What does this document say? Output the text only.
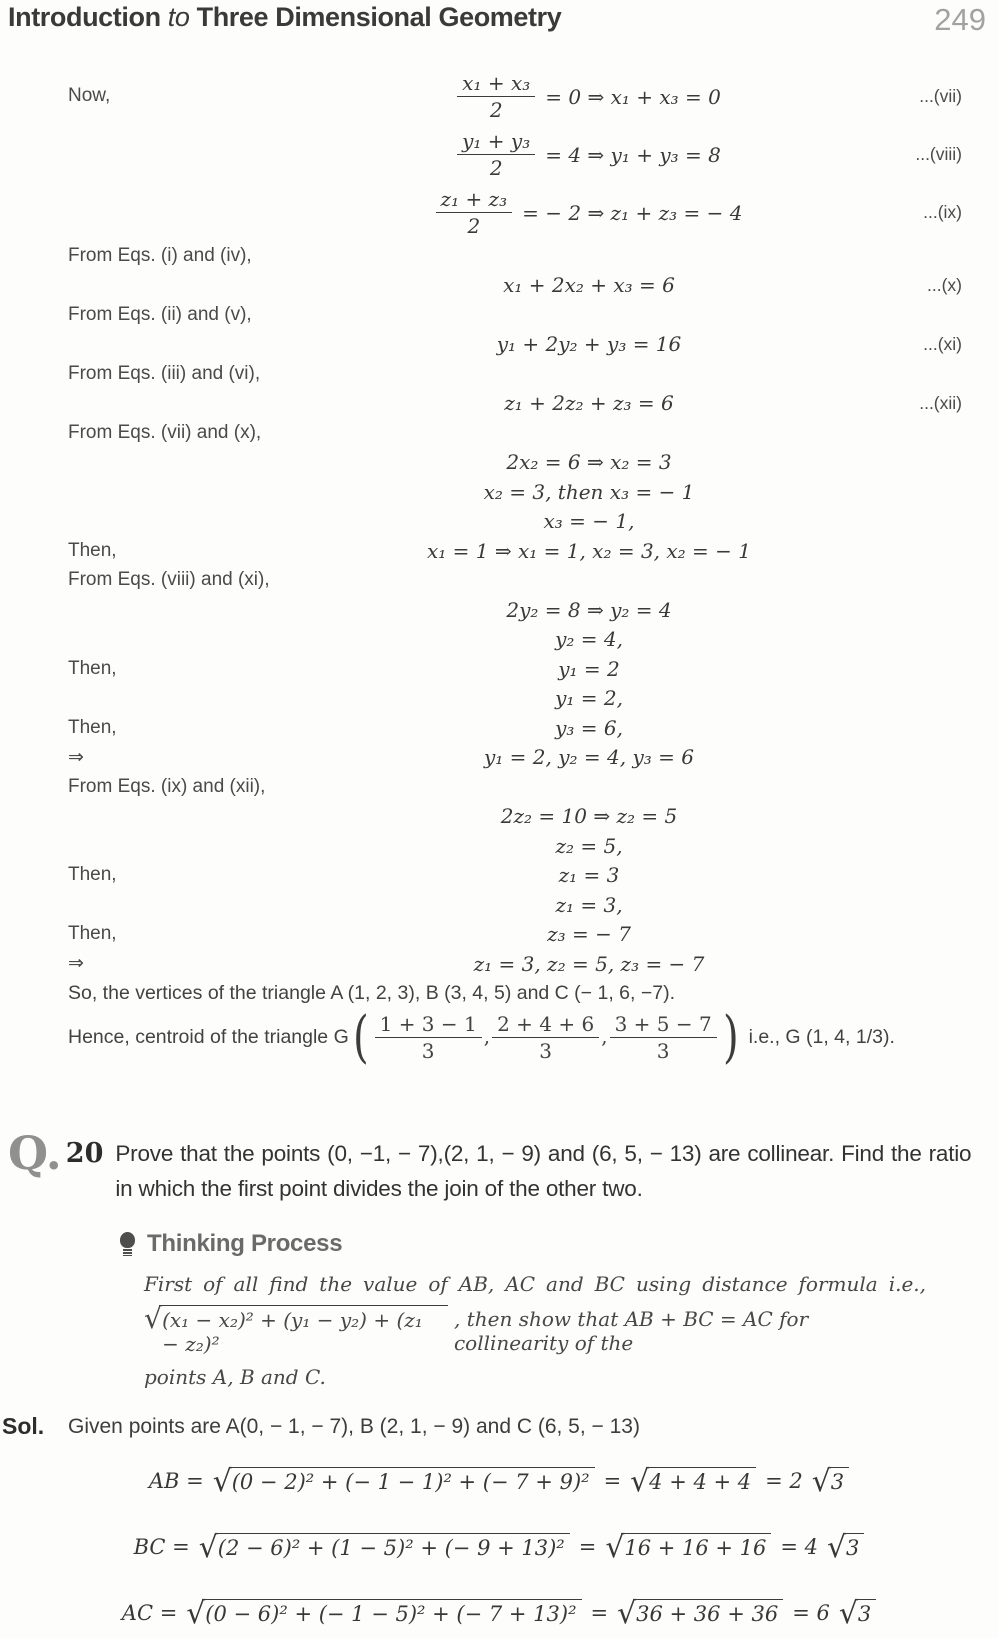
Introduction to Three Dimensional Geometry	249
Now,	$\frac{\text{x₁ + x₃}}{2} = 0$ ⇒ x₁ + x₃ = 0	...(vii)
$\frac{\text{y₁ + y₃}}{2} = 4$ ⇒ y₁ + y₃ = 8	...(viii)
$\frac{\text{z₁ + z₃}}{2}$ = − 2 ⇒ z₁ + z₃ = − 4	...(ix)
From Eqs. (i) and (iv),
x₁ + 2x₂ + x₃ = 6	...(x)
From Eqs. (ii) and (v),
y₁ + 2y₂ + y₃ = 16	...(xi)
From Eqs. (iii) and (vi),
z₁ + 2z₂ + z₃ = 6	...(xii)
From Eqs. (vii) and (x),
2x₂ = 6 ⇒ x₂ = 3
x₂ = 3, then x₃ = − 1
x₃ = − 1,
Then,	x₁ = 1 ⇒ x₁ = 1, x₂ = 3, x₂ = − 1
From Eqs. (viii) and (xi),
2y₂ = 8 ⇒ y₂ = 4
y₂ = 4,
Then,	y₁ = 2
y₁ = 2,
Then,	y₃ = 6,
⇒	y₁ = 2, y₂ = 4, y₃ = 6
From Eqs. (ix) and (xii),
2z₂ = 10 ⇒ z₂ = 5
z₂ = 5,
Then,	z₁ = 3
z₁ = 3,
Then,	z₃ = − 7
⇒	z₁ = 3, z₂ = 5, z₃ = − 7
So, the vertices of the triangle A (1, 2, 3), B (3, 4, 5) and C (− 1, 6, −7).
Hence, centroid of the triangle G ( $\frac{1 + 3 - 1}{3}$ , $\frac{2 + 4 + 6}{3}$ , $\frac{3 + 5 - 7}{3}$ ) i.e., G (1, 4, 1/3).
Q. 20 Prove that the points (0, −1, − 7),(2, 1, − 9) and (6, 5, − 13) are collinear. Find the ratio in which the first point divides the join of the other two.
Thinking Process
First of all find the value of AB, AC and BC using distance formula i.e.,
√ (x₁ − x₂)² + (y₁ − y₂) + (z₁ − z₂)²
, then show that AB + BC = AC for collinearity of the
points A, B and C.
Sol.	Given points are A(0, − 1, − 7), B (2, 1, − 9) and C (6, 5, − 13)
AB = √ (0 − 2)² + (− 1 − 1)² + (− 7 + 9)² = √ 4 + 4 + 4 = 2 √ 3
BC = √ (2 − 6)² + (1 − 5)² + (− 9 + 13)² = √ 16 + 16 + 16 = 4 √ 3
AC = √ (0 − 6)² + (− 1 − 5)² + (− 7 + 13)² = √ 36 + 36 + 36 = 6 √ 3
